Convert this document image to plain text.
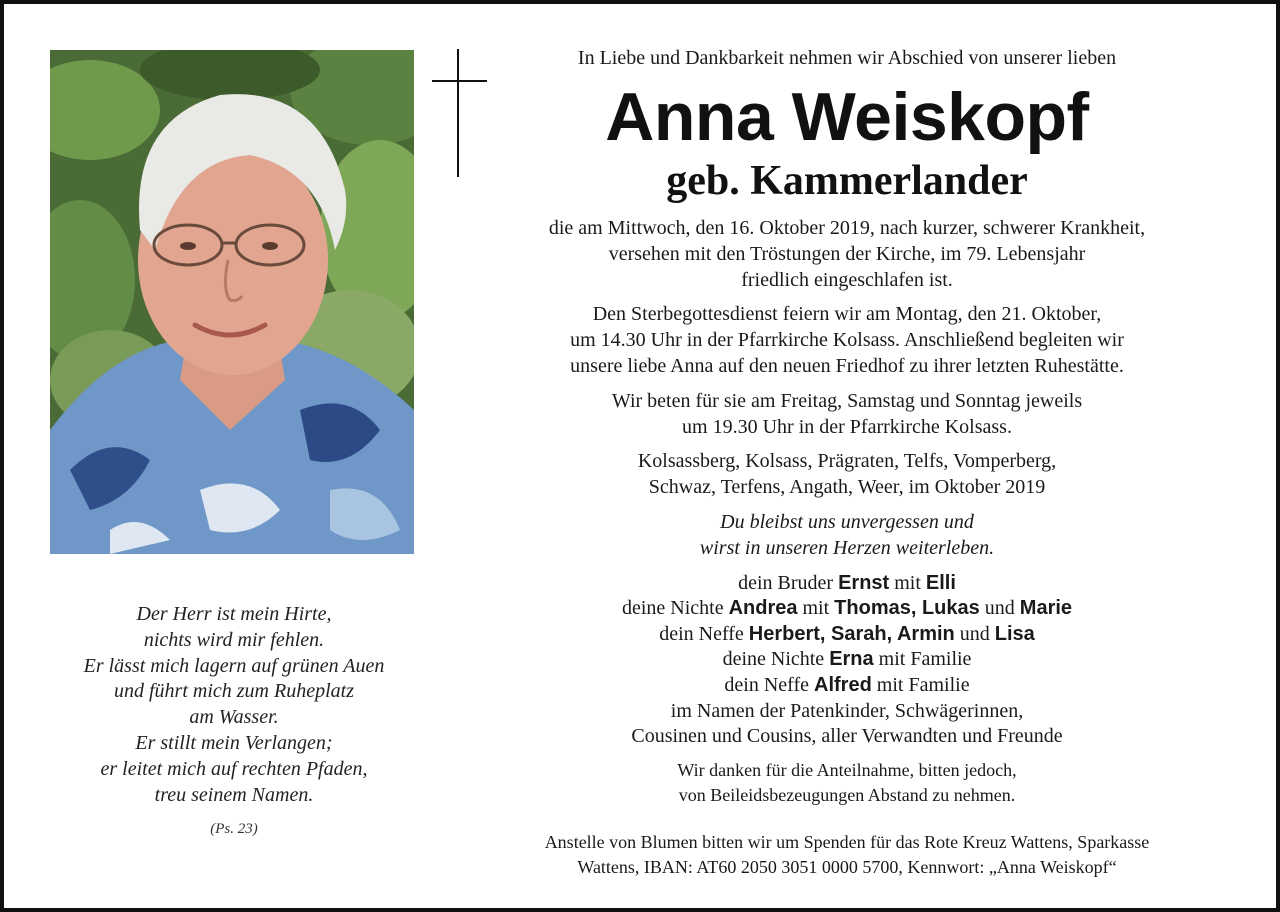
Der Herr ist mein Hirte,
nichts wird mir fehlen.
Er lässt mich lagern auf grünen Auen
und führt mich zum Ruheplatz
am Wasser.
Er stillt mein Verlangen;
er leitet mich auf rechten Pfaden,
treu seinem Namen.
(Ps. 23)

In Liebe und Dankbarkeit nehmen wir Abschied von unserer lieben

Anna Weiskopf
geb. Kammerlander

die am Mittwoch, den 16. Oktober 2019, nach kurzer, schwerer Krankheit,
versehen mit den Tröstungen der Kirche, im 79. Lebensjahr
friedlich eingeschlafen ist.

Den Sterbegottesdienst feiern wir am Montag, den 21. Oktober,
um 14.30 Uhr in der Pfarrkirche Kolsass. Anschließend begleiten wir
unsere liebe Anna auf den neuen Friedhof zu ihrer letzten Ruhestätte.

Wir beten für sie am Freitag, Samstag und Sonntag jeweils
um 19.30 Uhr in der Pfarrkirche Kolsass.

Kolsassberg, Kolsass, Prägraten, Telfs, Vomperberg,
Schwaz, Terfens, Angath, Weer, im Oktober 2019

Du bleibst uns unvergessen und
wirst in unseren Herzen weiterleben.

dein Bruder Ernst mit Elli
deine Nichte Andrea mit Thomas, Lukas und Marie
dein Neffe Herbert, Sarah, Armin und Lisa
deine Nichte Erna mit Familie
dein Neffe Alfred mit Familie
im Namen der Patenkinder, Schwägerinnen,
Cousinen und Cousins, aller Verwandten und Freunde

Wir danken für die Anteilnahme, bitten jedoch,
von Beileidsbezeugungen Abstand zu nehmen.

Anstelle von Blumen bitten wir um Spenden für das Rote Kreuz Wattens, Sparkasse
Wattens, IBAN: AT60 2050 3051 0000 5700, Kennwort: „Anna Weiskopf“
